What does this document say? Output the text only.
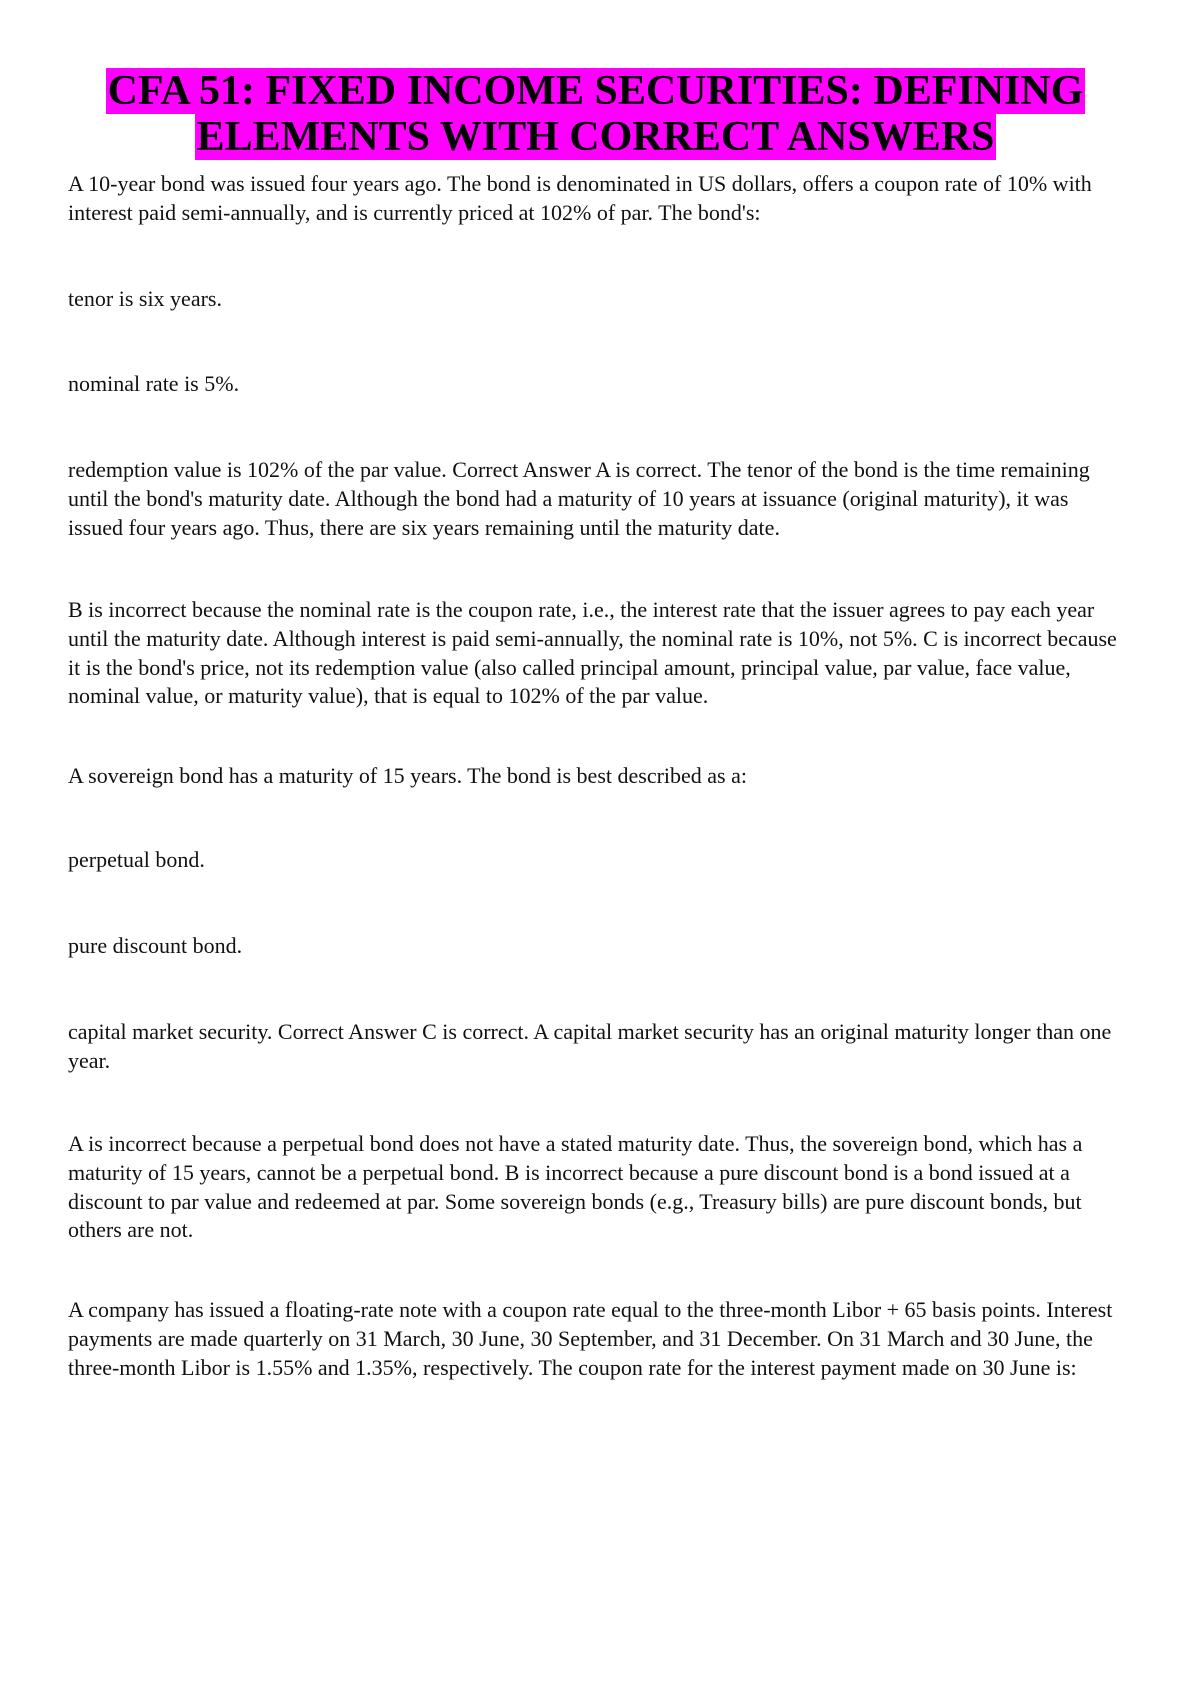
CFA 51: FIXED INCOME SECURITIES: DEFINING
ELEMENTS WITH CORRECT ANSWERS

A 10-year bond was issued four years ago. The bond is denominated in US dollars, offers a coupon rate of 10% with interest paid semi-annually, and is currently priced at 102% of par. The bond's:

tenor is six years.

nominal rate is 5%.

redemption value is 102% of the par value. Correct Answer A is correct. The tenor of the bond is the time remaining until the bond's maturity date. Although the bond had a maturity of 10 years at issuance (original maturity), it was issued four years ago. Thus, there are six years remaining until the maturity date.

B is incorrect because the nominal rate is the coupon rate, i.e., the interest rate that the issuer agrees to pay each year until the maturity date. Although interest is paid semi-annually, the nominal rate is 10%, not 5%. C is incorrect because it is the bond's price, not its redemption value (also called principal amount, principal value, par value, face value, nominal value, or maturity value), that is equal to 102% of the par value.

A sovereign bond has a maturity of 15 years. The bond is best described as a:

perpetual bond.

pure discount bond.

capital market security. Correct Answer C is correct. A capital market security has an original maturity longer than one year.

A is incorrect because a perpetual bond does not have a stated maturity date. Thus, the sovereign bond, which has a maturity of 15 years, cannot be a perpetual bond. B is incorrect because a pure discount bond is a bond issued at a discount to par value and redeemed at par. Some sovereign bonds (e.g., Treasury bills) are pure discount bonds, but others are not.

A company has issued a floating-rate note with a coupon rate equal to the three-month Libor + 65 basis points. Interest payments are made quarterly on 31 March, 30 June, 30 September, and 31 December. On 31 March and 30 June, the three-month Libor is 1.55% and 1.35%, respectively. The coupon rate for the interest payment made on 30 June is:
